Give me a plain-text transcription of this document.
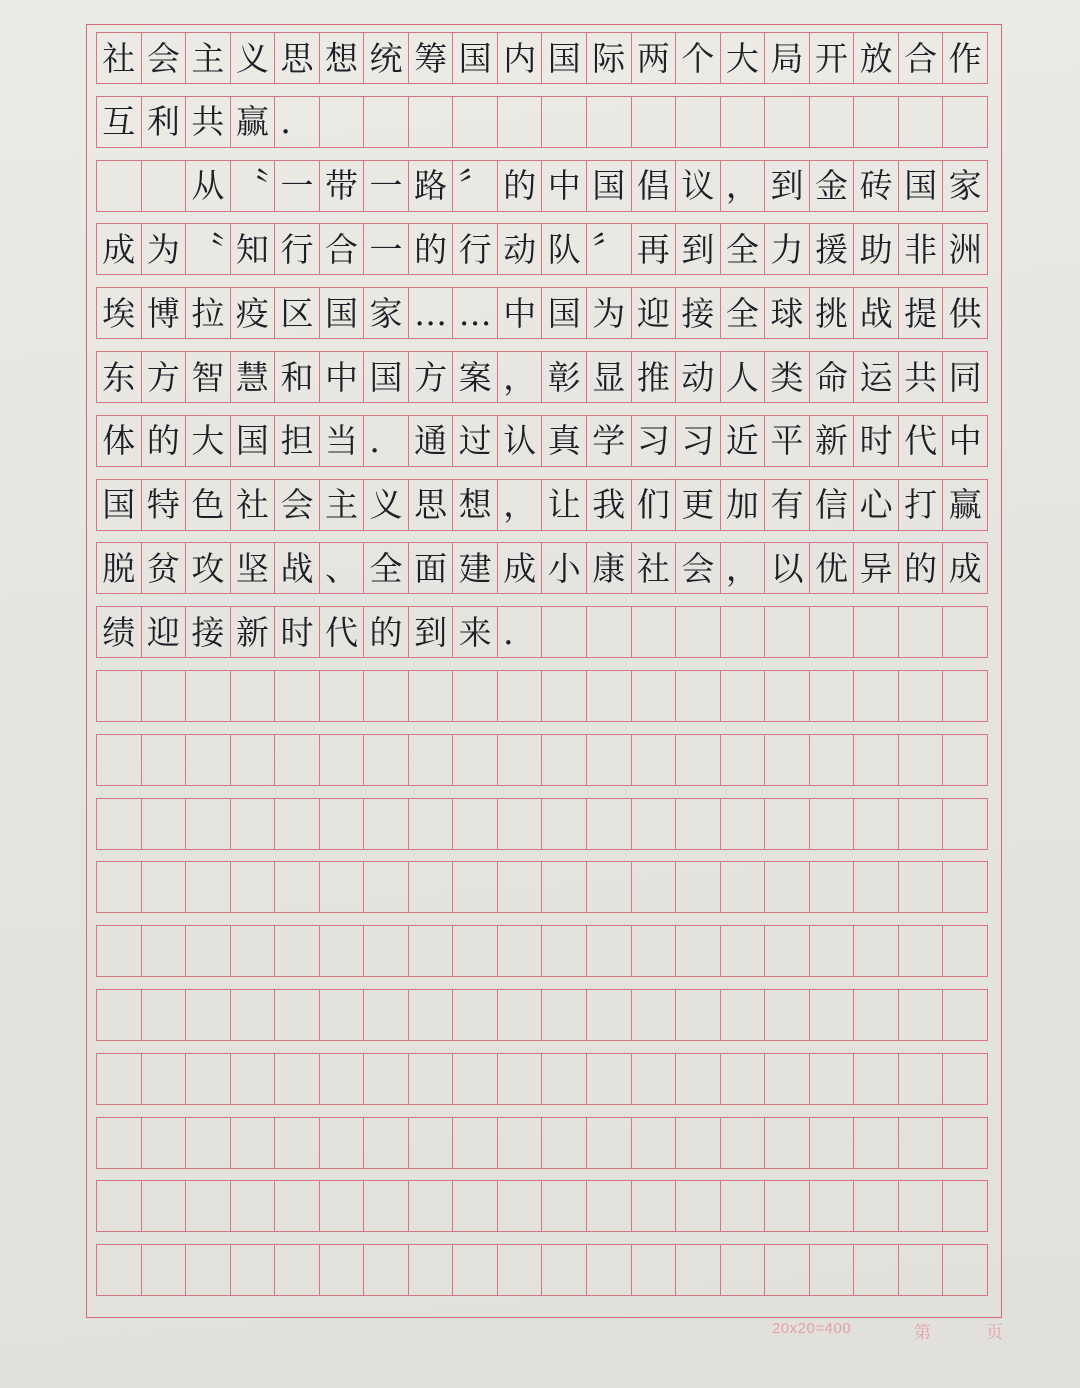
社 会 主 义 思 想 统 筹 国 内 国 际 两 个 大 局 开 放 合 作
互 利 共 赢 ．
从 〝 一 带 一 路 〞 的 中 国 倡 议 ， 到 金 砖 国 家
成 为 〝 知 行 合 一 的 行 动 队 〞 再 到 全 力 援 助 非 洲
埃 博 拉 疫 区 国 家 … … 中 国 为 迎 接 全 球 挑 战 提 供
东 方 智 慧 和 中 国 方 案 ， 彰 显 推 动 人 类 命 运 共 同
体 的 大 国 担 当 ． 通 过 认 真 学 习 习 近 平 新 时 代 中
国 特 色 社 会 主 义 思 想 ， 让 我 们 更 加 有 信 心 打 赢
脱 贫 攻 坚 战 、 全 面 建 成 小 康 社 会 ， 以 优 异 的 成
绩 迎 接 新 时 代 的 到 来 ．
20x20=400	第	页
